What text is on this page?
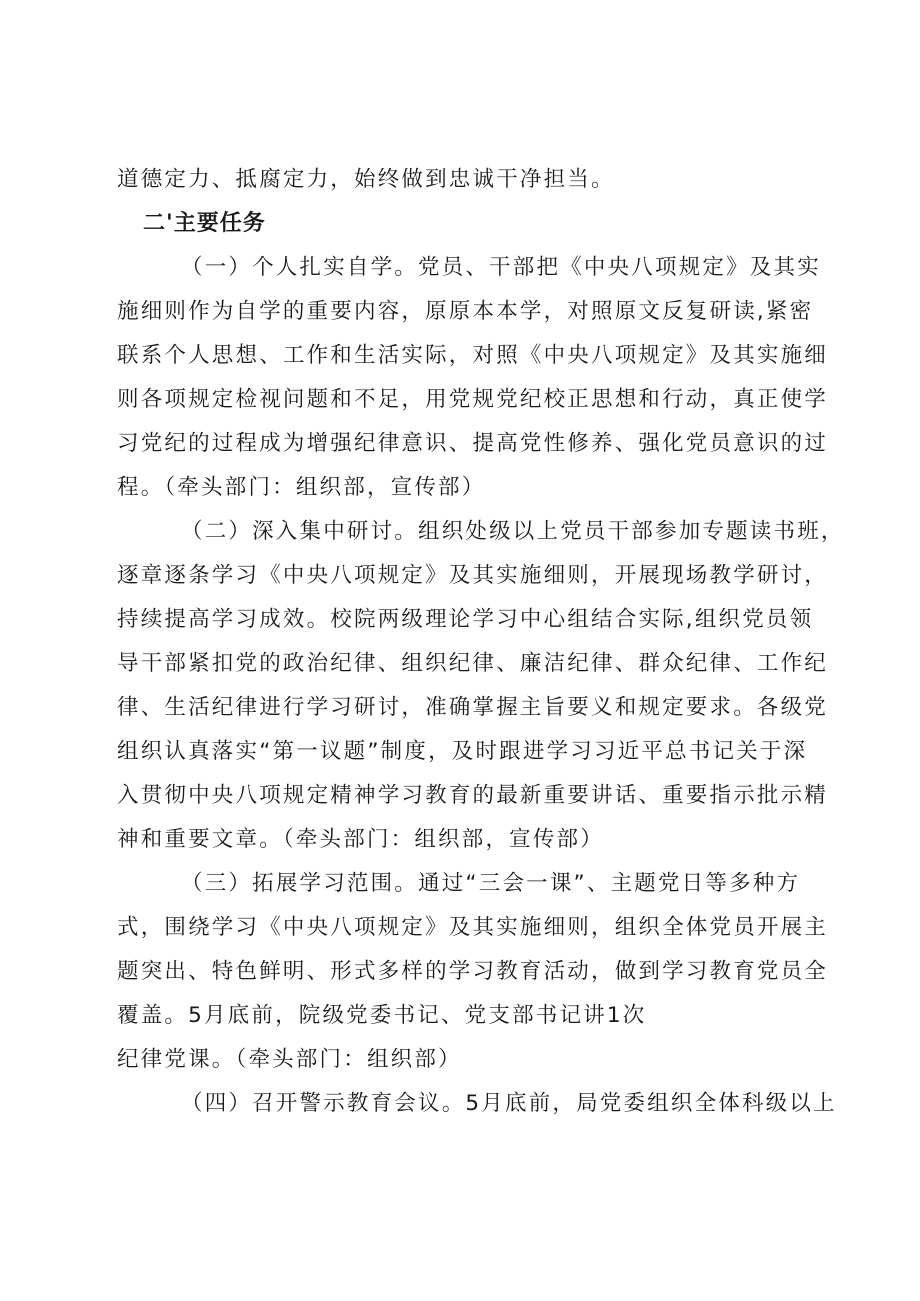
道德定力、抵腐定力，始终做到忠诚干净担当。
二'主要任务
（一）个人扎实自学。党员、干部把《中央八项规定》及其实
施细则作为自学的重要内容，原原本本学，对照原文反复研读,紧密
联系个人思想、工作和生活实际，对照《中央八项规定》及其实施细
则各项规定检视问题和不足，用党规党纪校正思想和行动，真正使学
习党纪的过程成为增强纪律意识、提高党性修养、强化党员意识的过
程。（牵头部门：组织部，宣传部）
（二）深入集中研讨。组织处级以上党员干部参加专题读书班，
逐章逐条学习《中央八项规定》及其实施细则，开展现场教学研讨，
持续提高学习成效。校院两级理论学习中心组结合实际,组织党员领
导干部紧扣党的政治纪律、组织纪律、廉洁纪律、群众纪律、工作纪
律、生活纪律进行学习研讨，准确掌握主旨要义和规定要求。各级党
组织认真落实“第一议题”制度，及时跟进学习习近平总书记关于深
入贯彻中央八项规定精神学习教育的最新重要讲话、重要指示批示精
神和重要文章。（牵头部门：组织部，宣传部）
（三）拓展学习范围。通过“三会一课”、主题党日等多种方
式，围绕学习《中央八项规定》及其实施细则，组织全体党员开展主
题突出、特色鲜明、形式多样的学习教育活动，做到学习教育党员全
覆盖。5月底前，院级党委书记、党支部书记讲1次
纪律党课。（牵头部门：组织部）
（四）召开警示教育会议。5月底前，局党委组织全体科级以上
